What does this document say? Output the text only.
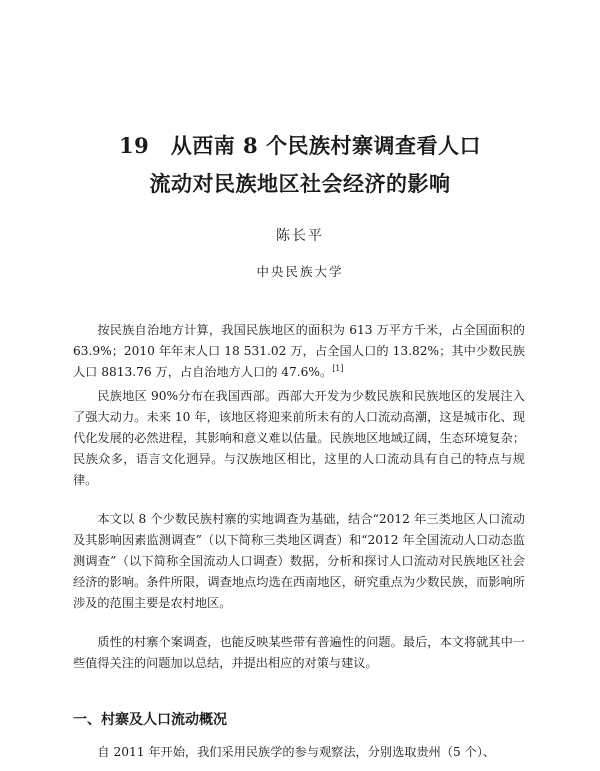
19　从西南 8 个民族村寨调查看人口
流动对民族地区社会经济的影响
陈长平
中央民族大学
按民族自治地方计算，我国民族地区的面积为 613 万平方千米，占全国面积的 63.9%；2010 年年末人口 18 531.02 万，占全国人口的 13.82%；其中少数民族人口 8813.76 万，占自治地方人口的 47.6%。[1]
民族地区 90%分布在我国西部。西部大开发为少数民族和民族地区的发展注入了强大动力。未来 10 年，该地区将迎来前所未有的人口流动高潮，这是城市化、现代化发展的必然进程，其影响和意义难以估量。民族地区地域辽阔，生态环境复杂；民族众多，语言文化迥异。与汉族地区相比，这里的人口流动具有自己的特点与规律。
本文以 8 个少数民族村寨的实地调查为基础，结合“2012 年三类地区人口流动及其影响因素监测调查”（以下简称三类地区调查）和“2012 年全国流动人口动态监测调查”（以下简称全国流动人口调查）数据，分析和探讨人口流动对民族地区社会经济的影响。条件所限，调查地点均选在西南地区，研究重点为少数民族，而影响所涉及的范围主要是农村地区。
质性的村寨个案调查，也能反映某些带有普遍性的问题。最后，本文将就其中一些值得关注的问题加以总结，并提出相应的对策与建议。
一、村寨及人口流动概况
自 2011 年开始，我们采用民族学的参与观察法，分别选取贵州（5 个）、
